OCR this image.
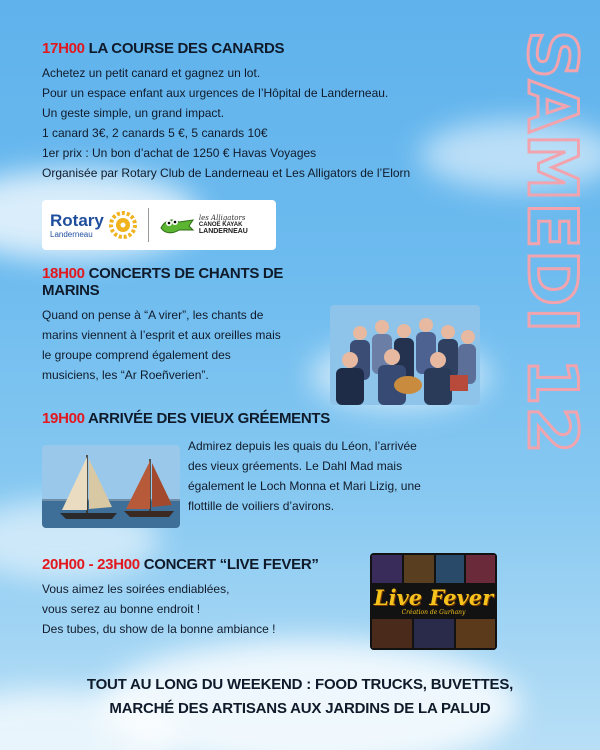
SAMEDI 12
17H00 LA COURSE DES CANARDS
Achetez un petit canard et gagnez un lot.
Pour un espace enfant aux urgences de l’Hôpital de Landerneau.
Un geste simple, un grand impact.
1 canard 3€, 2 canards 5 €, 5 canards 10€
1er prix : Un bon d’achat de 1250 € Havas Voyages
Organisée par Rotary Club de Landerneau et Les Alligators de l’Elorn
Rotary
Landerneau
les Alligators
CANOË KAYAK
LANDERNEAU
18H00 CONCERTS DE CHANTS DE MARINS
Quand on pense à “A virer”, les chants de
marins viennent à l’esprit et aux oreilles mais
le groupe comprend également des
musiciens, les “Ar Roeñverien”.
19H00 ARRIVÉE DES VIEUX GRÉEMENTS
Admirez depuis les quais du Léon, l’arrivée
des vieux gréements. Le Dahl Mad mais
également le Loch Monna et Mari Lizig, une
flottille de voiliers d’avirons.
20H00 - 23H00 CONCERT “LIVE FEVER”
Vous aimez les soirées endiablées,
vous serez au bonne endroit !
Des tubes, du show de la bonne ambiance !
Live Fever
Création de Gurhany
TOUT AU LONG DU WEEKEND : FOOD TRUCKS, BUVETTES,
MARCHÉ DES ARTISANS AUX JARDINS DE LA PALUD
